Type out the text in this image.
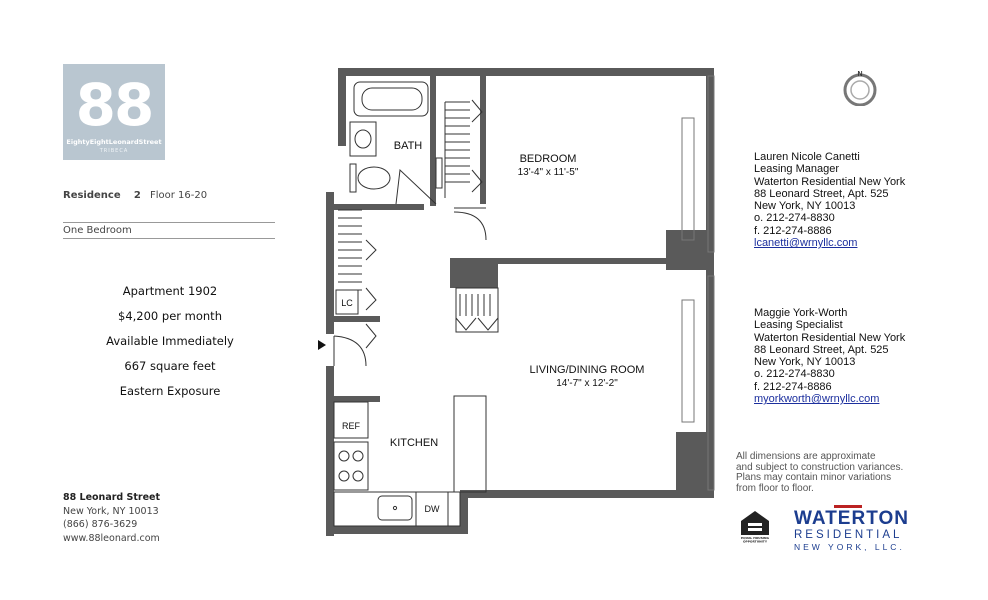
88
EightyEightLeonardStreet
TRIBECA
Residence 2 Floor 16-20
One Bedroom
Apartment 1902
$4,200 per month
Available Immediately
667 square feet
Eastern Exposure
88 Leonard Street
New York, NY 10013
(866) 876-3629
www.88leonard.com
BEDROOM
13'-4" x 11'-5"
BATH
LIVING/DINING ROOM
14'-7" x 12'-2"
KITCHEN
REF
DW
LC
N
Lauren Nicole Canetti
Leasing Manager
Waterton Residential New York
88 Leonard Street, Apt. 525
New York, NY 10013
o. 212-274-8830
f. 212-274-8886
lcanetti@wrnyllc.com
Maggie York-Worth
Leasing Specialist
Waterton Residential New York
88 Leonard Street, Apt. 525
New York, NY 10013
o. 212-274-8830
f. 212-274-8886
myorkworth@wrnyllc.com
All dimensions are approximate
and subject to construction variances.
Plans may contain minor variations
from floor to floor.
EQUAL HOUSING
OPPORTUNITY
WATERTON
RESIDENTIAL
NEW YORK, LLC.
